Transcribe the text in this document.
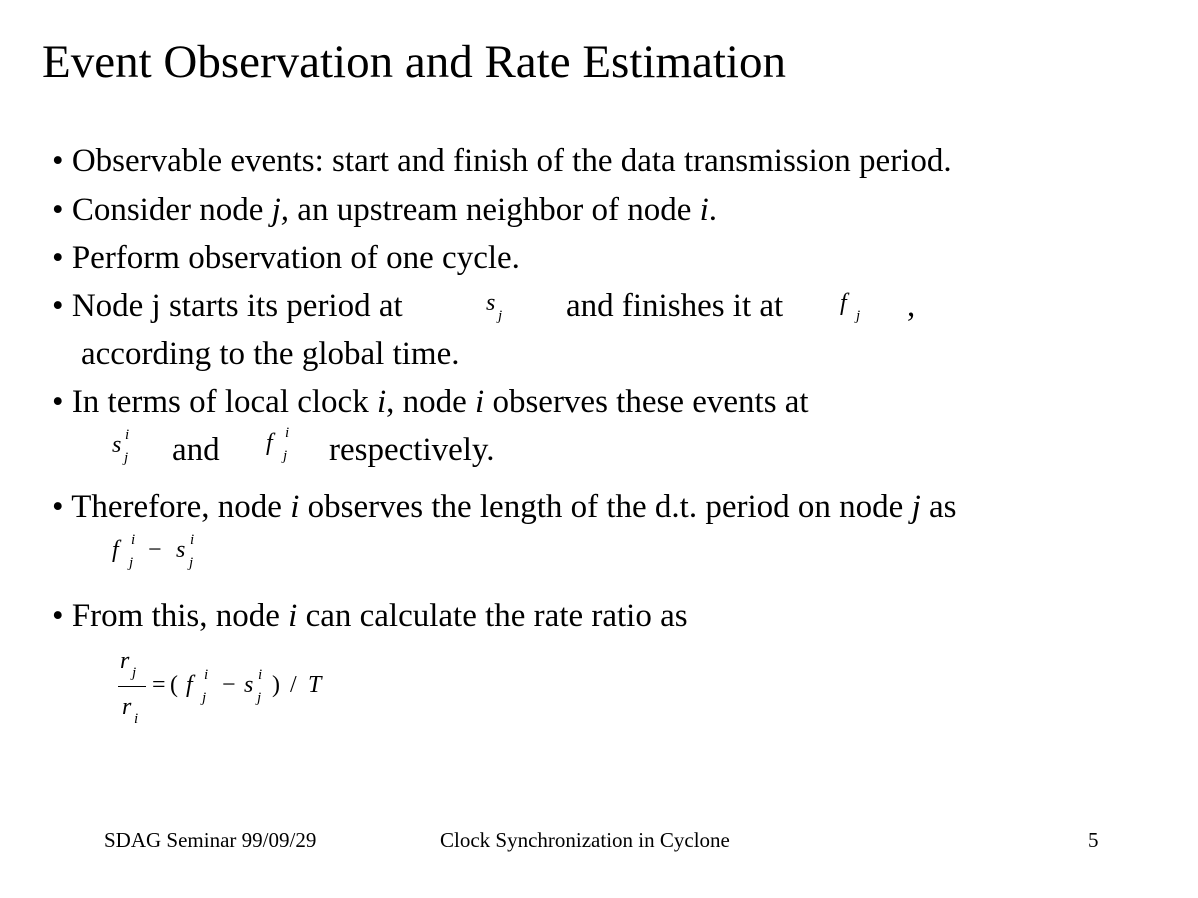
Event Observation and Rate Estimation
• Observable events: start and finish of the data transmission period.
• Consider node j, an upstream neighbor of node i.
• Perform observation of one cycle.
• Node j starts its period at	s j and finishes it at f j ,
according to the global time.
• In terms of local clock i, node i observes these events at
s i
j and f i
j respectively.
• Therefore, node i observes the length of the d.t. period on node j as
f i
j − s i
j
• From this, node i can calculate the rate ratio as
r j
r i
= ( f i
j − s i
j ) / T
SDAG Seminar 99/09/29	Clock Synchronization in Cyclone	5
